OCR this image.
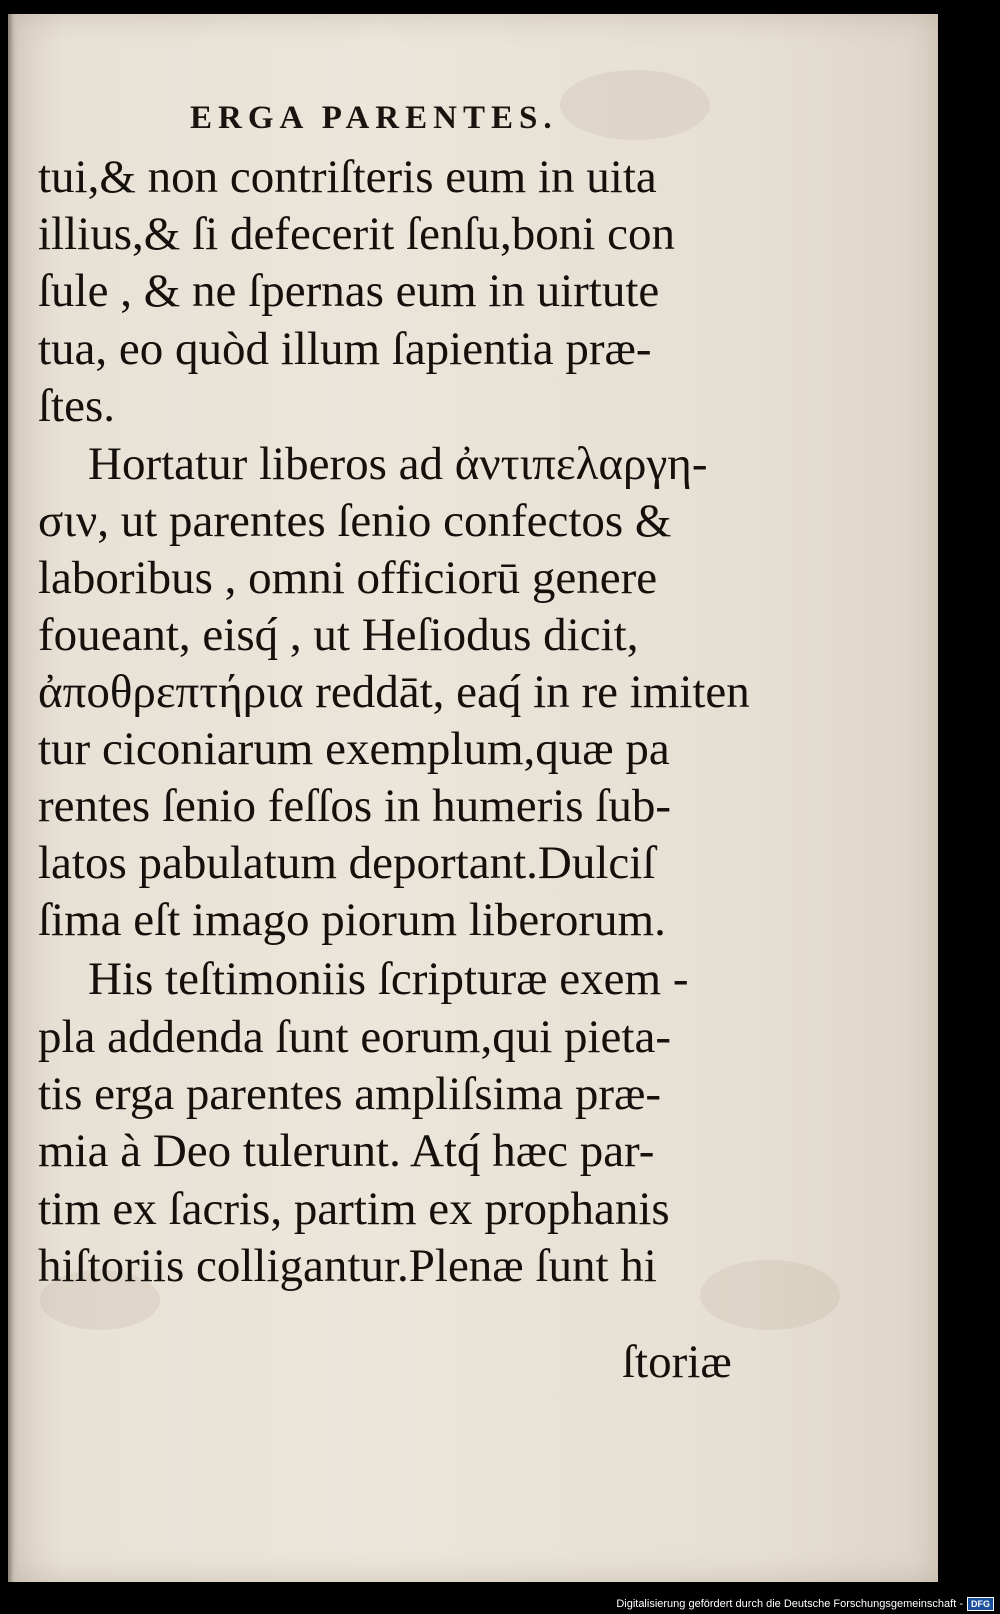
ERGA PARENTES.
tui,& non contriſteris eum in uita
illius,& ſi defecerit ſenſu,boni con
ſule , & ne ſpernas eum in uirtute
tua, eo quòd illum ſapientia præ-
ſtes.
Hortatur liberos ad ἀντιπελαργη-
σιν, ut parentes ſenio confectos &
laboribus , omni officiorū genere
foueant, eisq́ , ut Heſiodus dicit,
ἀποθρεπτήρια reddāt, eaq́ in re imiten
tur ciconiarum exemplum,quæ pa
rentes ſenio feſſos in humeris ſub-
latos pabulatum deportant.Dulciſ
ſima eſt imago piorum liberorum.
His teſtimoniis ſcripturæ exem -
pla addenda ſunt eorum,qui pieta-
tis erga parentes ampliſsima præ-
mia à Deo tulerunt. Atq́ hæc par-
tim ex ſacris, partim ex prophanis
hiſtoriis colligantur.Plenæ ſunt hi
ſtoriæ
Digitalisierung gefördert durch die Deutsche Forschungsgemeinschaft - DFG
